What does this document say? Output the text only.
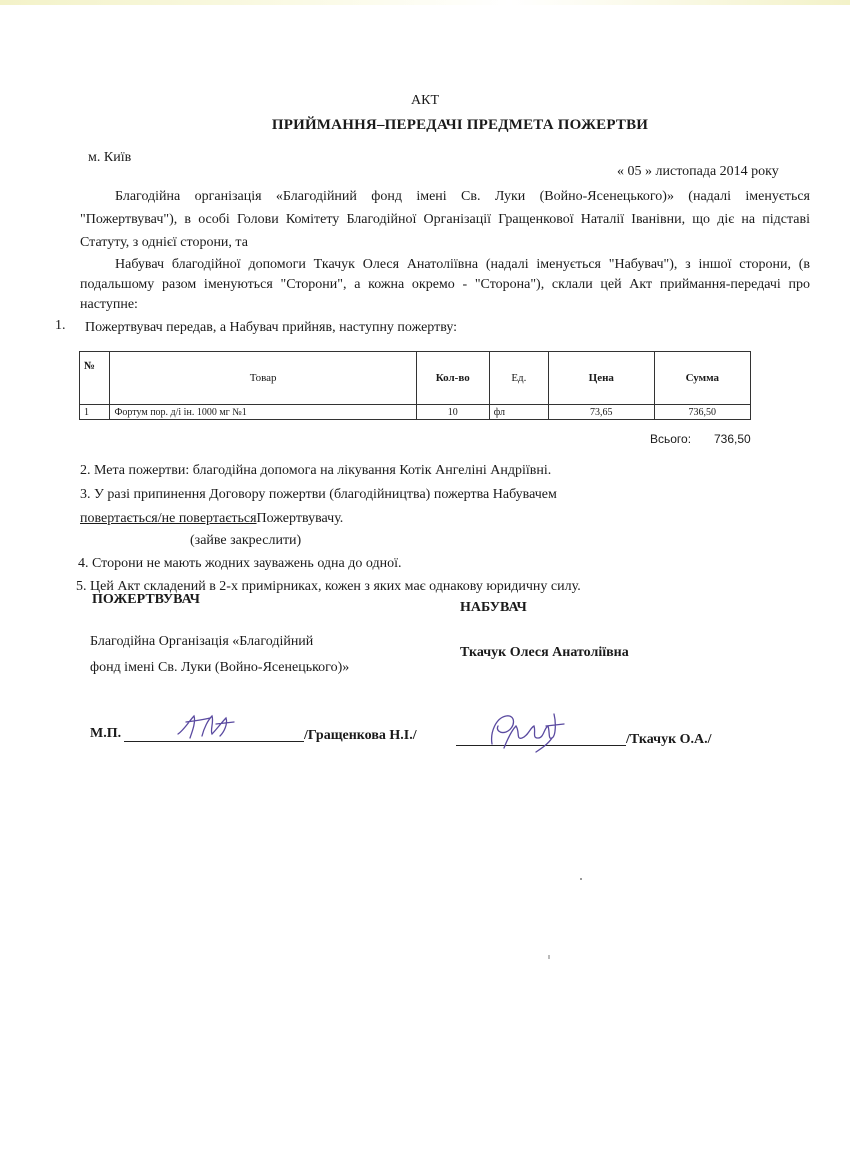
АКТ
ПРИЙМАННЯ–ПЕРЕДАЧІ ПРЕДМЕТА ПОЖЕРТВИ
м. Київ
« 05 » листопада 2014 року
Благодійна організація «Благодійний фонд імені Св. Луки (Войно-Ясенецького)» (надалі іменується "Пожертвувач"), в особі Голови Комітету Благодійної Організації Гращенкової Наталії Іванівни, що діє на підставі Статуту, з однієї сторони, та
Набувач благодійної допомоги Ткачук Олеся Анатоліївна (надалі іменується "Набувач"), з іншої сторони, (в подальшому разом іменуються "Сторони", а кожна окремо - "Сторона"), склали цей Акт приймання-передачі про наступне:
1. Пожертвувач передав, а Набувач прийняв, наступну пожертву:
№	Товар	Кол-во	Ед.	Цена	Сумма
1	Фортум пор. д/і ін. 1000 мг №1	10	фл	73,65	736,50
Всього: 736,50
2. Мета пожертви: благодійна допомога на лікування Котік Ангеліні Андріївні.
3. У разі припинення Договору пожертви (благодійництва) пожертва Набувачем
повертається/не повертаєтьсяПожертвувачу.
(зайве закреслити)
4. Сторони не мають жодних зауважень одна до одної.
5. Цей Акт складений в 2-х примірниках, кожен з яких має однакову юридичну силу.
ПОЖЕРТВУВАЧ
НАБУВАЧ
Благодійна Організація «Благодійний
фонд імені Св. Луки (Войно-Ясенецького)»
Ткачук Олеся Анатоліївна
М.П.	/Гращенкова Н.І./	/Ткачук О.А./
